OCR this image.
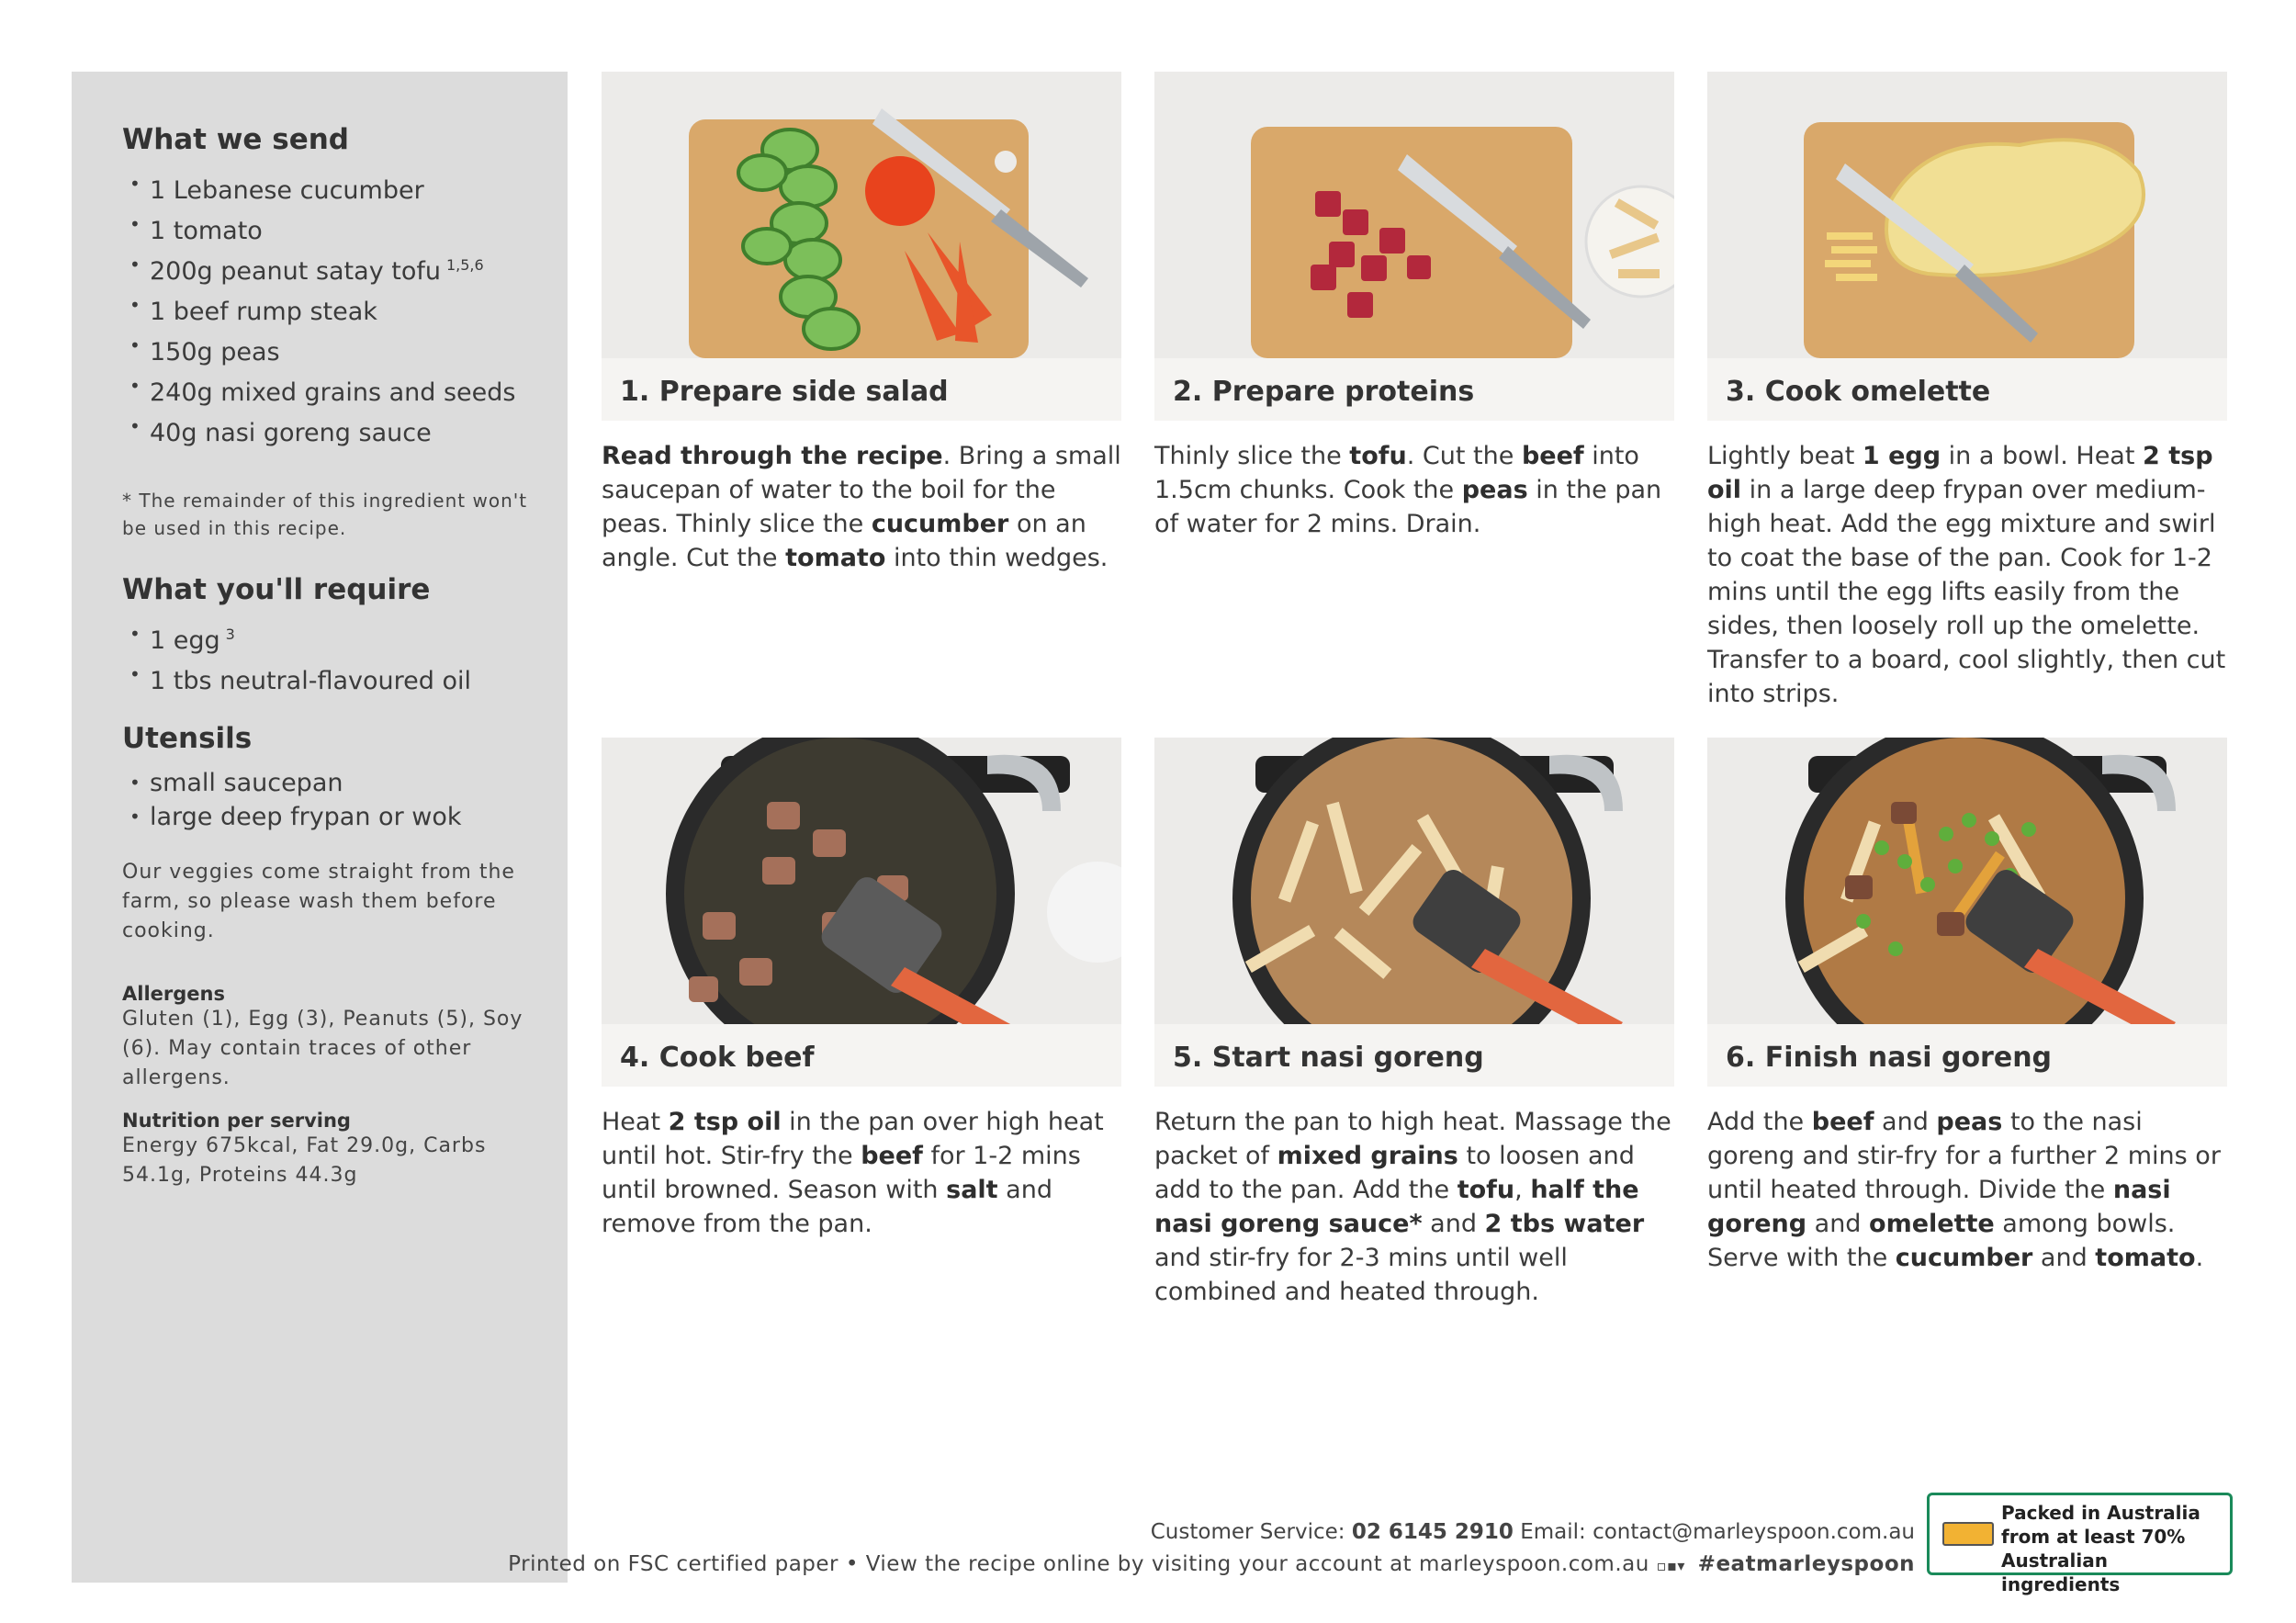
What we send
• 1 Lebanese cucumber
• 1 tomato
• 200g peanut satay tofu $^{1,5,6}$
• 1 beef rump steak
• 150g peas
• 240g mixed grains and seeds
• 40g nasi goreng sauce
* The remainder of this ingredient won't be used in this recipe.
What you'll require
• 1 egg $^3$
• 1 tbs neutral-flavoured oil
Utensils
• small saucepan
• large deep frypan or wok
Our veggies come straight from the farm, so please wash them before cooking.
Allergens
Gluten (1), Egg (3), Peanuts (5), Soy (6). May contain traces of other allergens.
Nutrition per serving
Energy 675kcal, Fat 29.0g, Carbs 54.1g, Proteins 44.3g
1. Prepare side salad
Read through the recipe. Bring a small saucepan of water to the boil for the peas. Thinly slice the cucumber on an angle. Cut the tomato into thin wedges.
2. Prepare proteins
Thinly slice the tofu. Cut the beef into 1.5cm chunks. Cook the peas in the pan of water for 2 mins. Drain.
3. Cook omelette
Lightly beat 1 egg in a bowl. Heat 2 tsp oil in a large deep frypan over medium-high heat. Add the egg mixture and swirl to coat the base of the pan. Cook for 1-2 mins until the egg lifts easily from the sides, then loosely roll up the omelette. Transfer to a board, cool slightly, then cut into strips.
4. Cook beef
Heat 2 tsp oil in the pan over high heat until hot. Stir-fry the beef for 1-2 mins until browned. Season with salt and remove from the pan.
5. Start nasi goreng
Return the pan to high heat. Massage the packet of mixed grains to loosen and add to the pan. Add the tofu, half the nasi goreng sauce* and 2 tbs water and stir-fry for 2-3 mins until well combined and heated through.
6. Finish nasi goreng
Add the beef and peas to the nasi goreng and stir-fry for a further 2 mins or until heated through. Divide the nasi goreng and omelette among bowls. Serve with the cucumber and tomato.
Customer Service: 02 6145 2910 Email: contact@marleyspoon.com.au
Printed on FSC certified paper • View the recipe online by visiting your account at marleyspoon.com.au ▫▪▾ #eatmarleyspoon
Packed in Australia
from at least 70%
Australian ingredients
